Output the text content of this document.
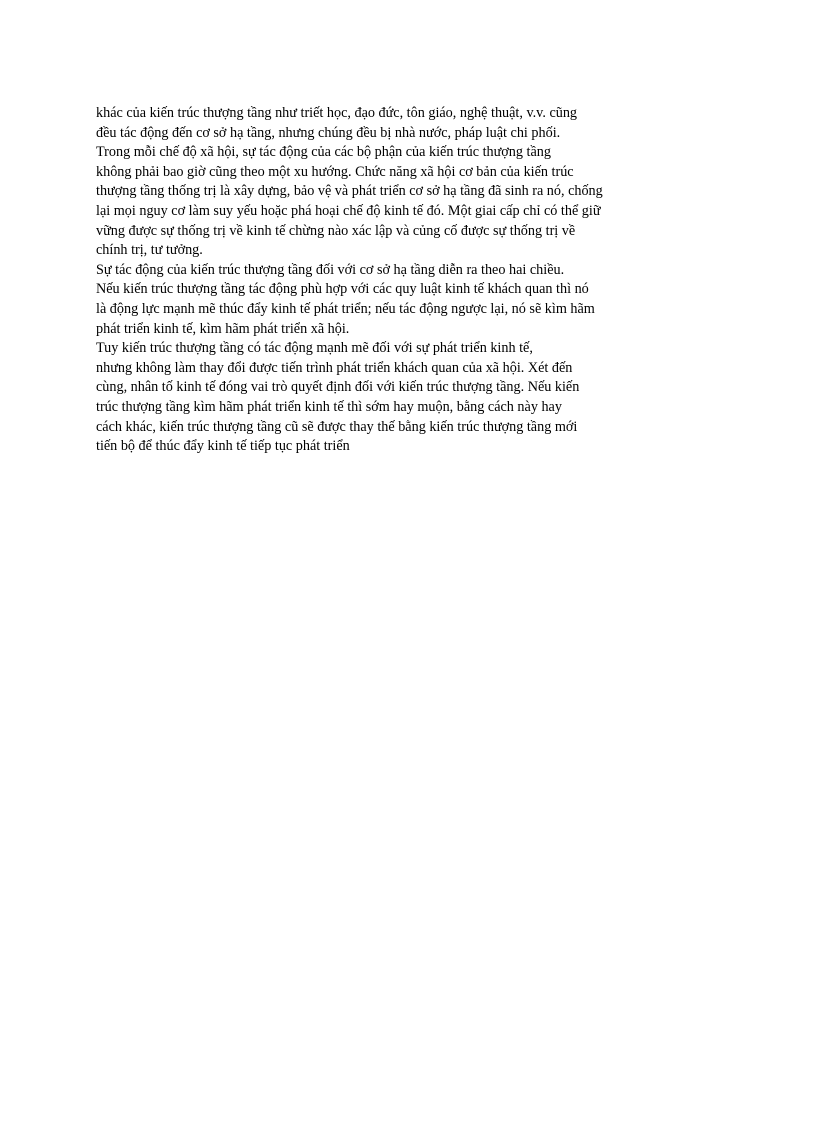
khác của kiến trúc thượng tầng như triết học, đạo đức, tôn giáo, nghệ thuật, v.v. cũng
đều tác động đến cơ sở hạ tầng, nhưng chúng đều bị nhà nước, pháp luật chi phối.
Trong mỗi chế độ xã hội, sự tác động của các bộ phận của kiến trúc thượng tầng
không phải bao giờ cũng theo một xu hướng. Chức năng xã hội cơ bản của kiến trúc
thượng tầng thống trị là xây dựng, bảo vệ và phát triển cơ sở hạ tầng đã sinh ra nó, chống
lại mọi nguy cơ làm suy yếu hoặc phá hoại chế độ kinh tế đó. Một giai cấp chỉ có thể giữ
vững được sự thống trị về kinh tế chừng nào xác lập và củng cố được sự thống trị về
chính trị, tư tưởng.
Sự tác động của kiến trúc thượng tầng đối với cơ sở hạ tầng diễn ra theo hai chiều.
Nếu kiến trúc thượng tầng tác động phù hợp với các quy luật kinh tế khách quan thì nó
là động lực mạnh mẽ thúc đẩy kinh tế phát triển; nếu tác động ngược lại, nó sẽ kìm hãm
phát triển kinh tế, kìm hãm phát triển xã hội.
Tuy kiến trúc thượng tầng có tác động mạnh mẽ đối với sự phát triển kinh tế,
nhưng không làm thay đổi được tiến trình phát triển khách quan của xã hội. Xét đến
cùng, nhân tố kinh tế đóng vai trò quyết định đối với kiến trúc thượng tầng. Nếu kiến
trúc thượng tầng kìm hãm phát triển kinh tế thì sớm hay muộn, bằng cách này hay
cách khác, kiến trúc thượng tầng cũ sẽ được thay thế bằng kiến trúc thượng tầng mới
tiến bộ để thúc đẩy kinh tế tiếp tục phát triển
